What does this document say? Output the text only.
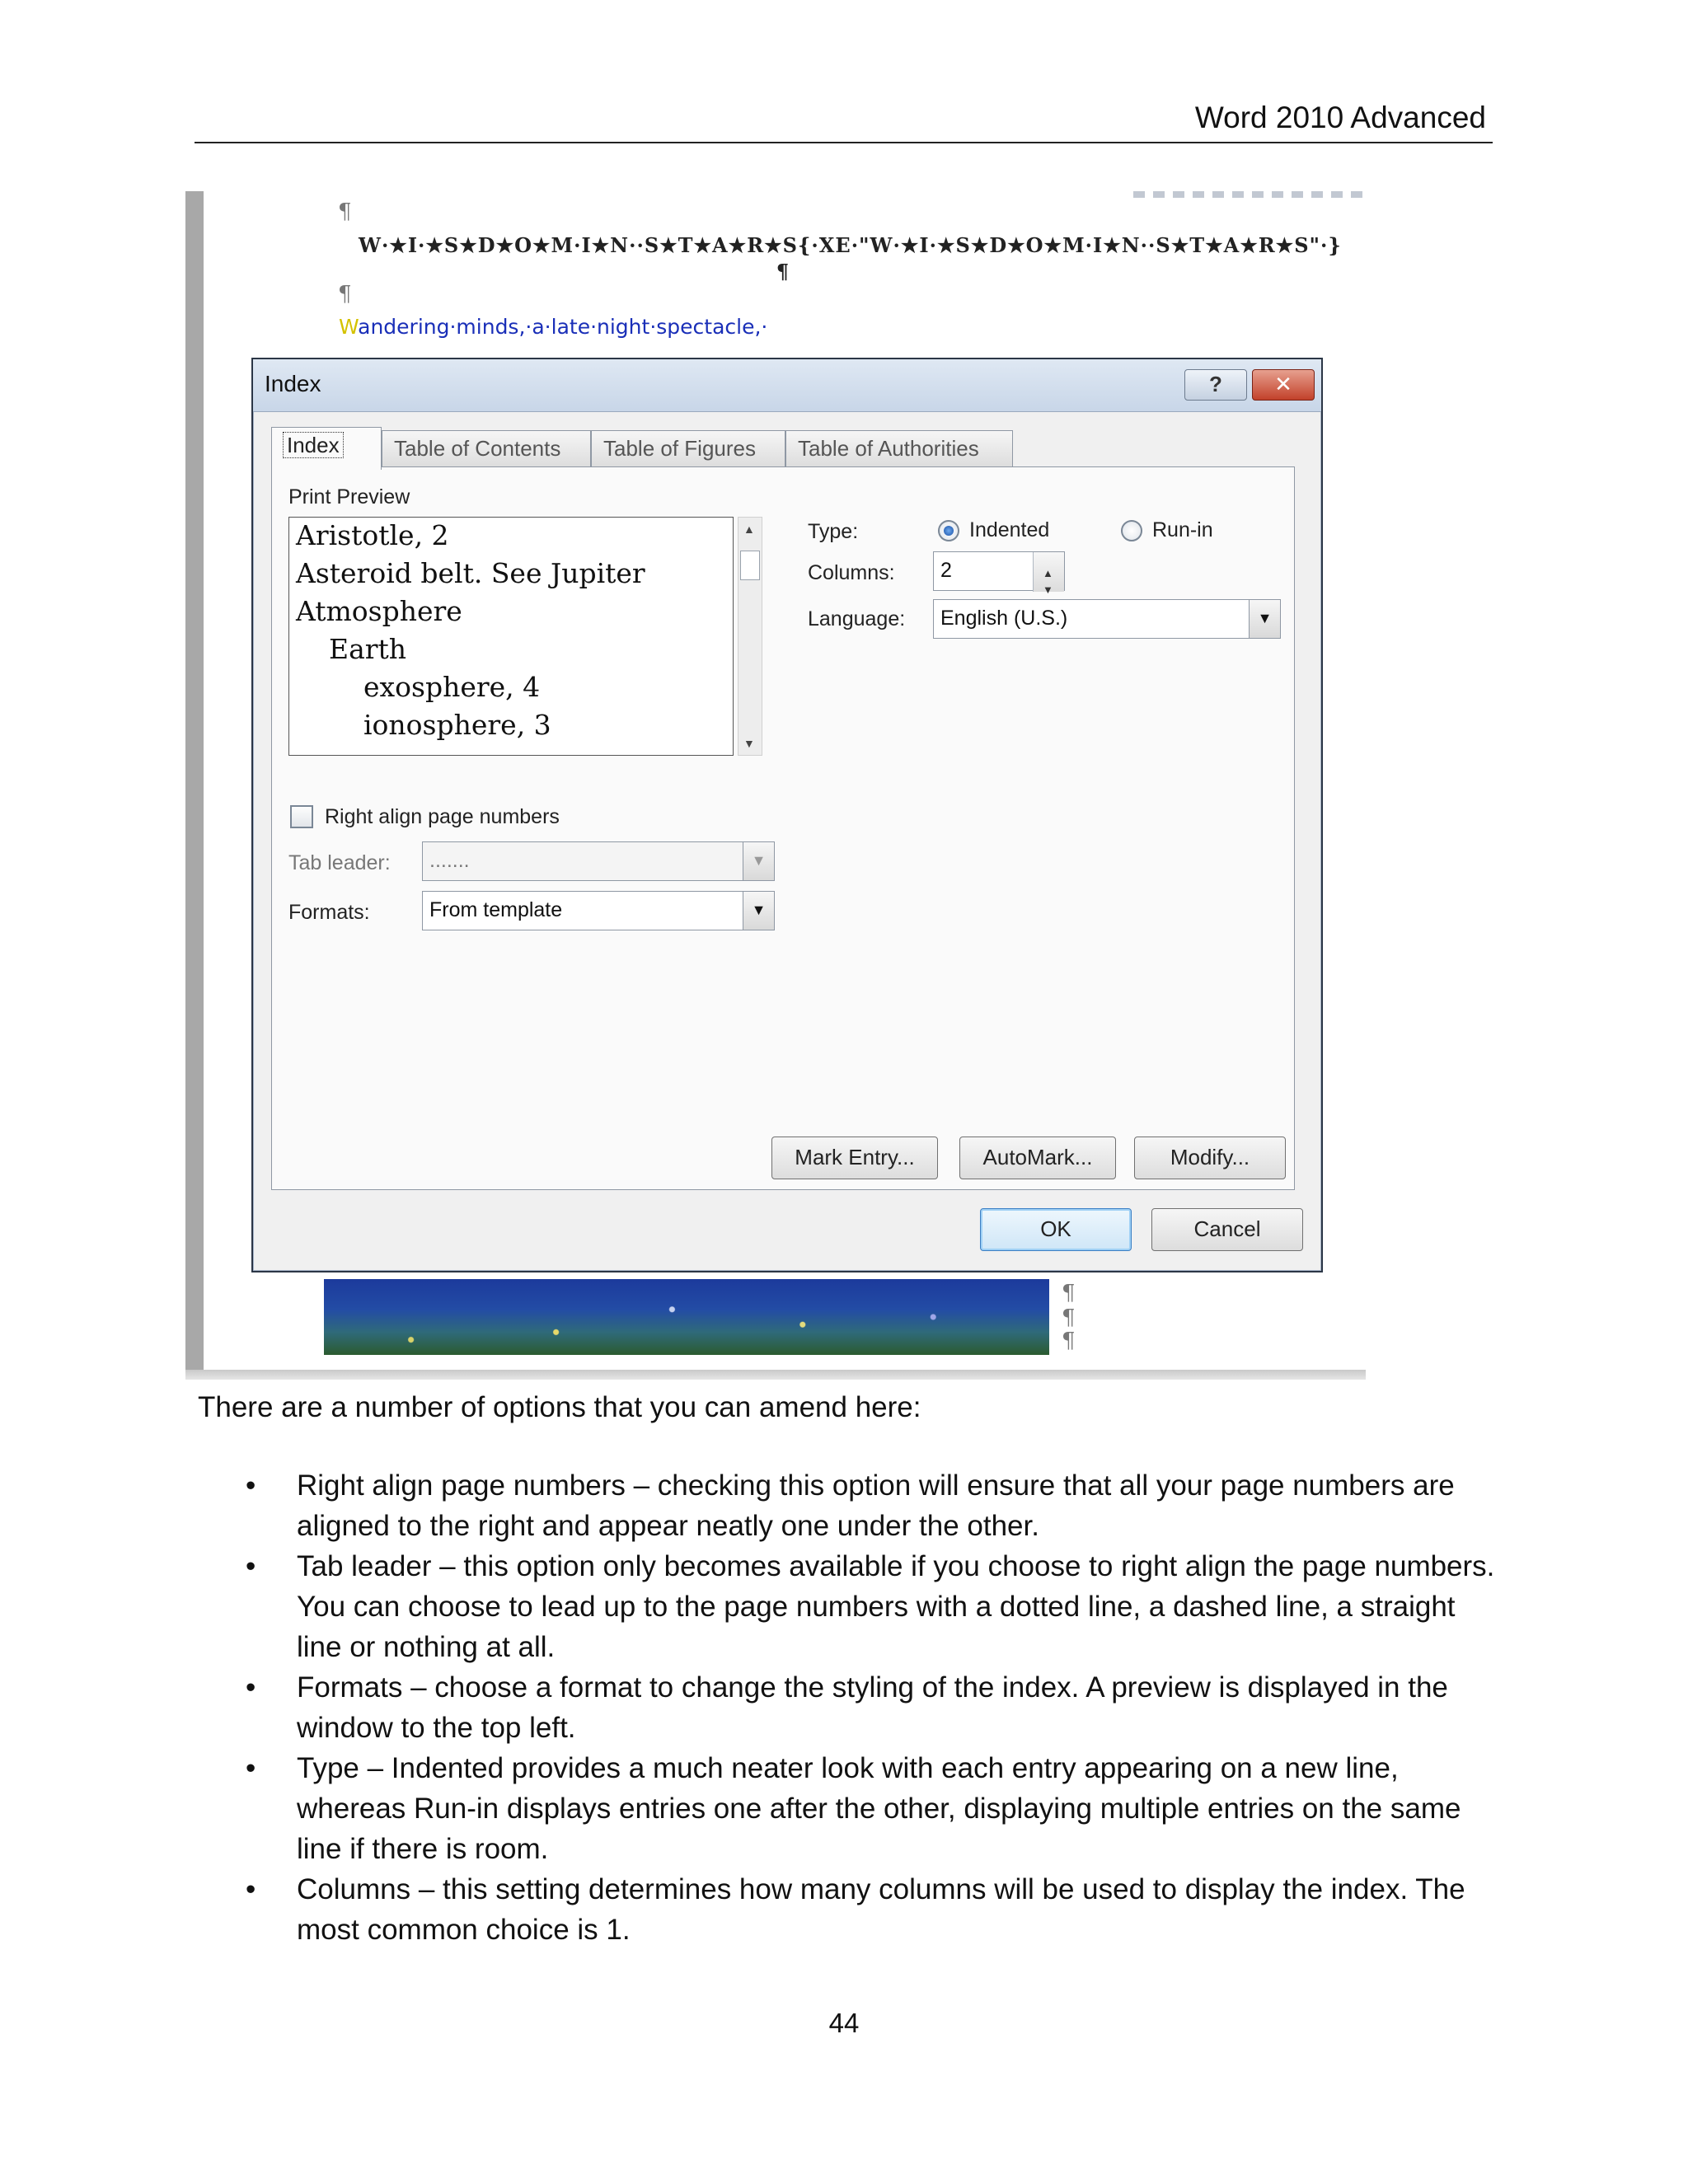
Word 2010 Advanced
¶
W·★I·★S★D★O★M·I★N··S★T★A★R★S{·XE·"W·★I·★S★D★O★M·I★N··S★T★A★R★S"·}¶
¶
Wandering·minds,·a·late·night·spectacle,·
Index	?	✕
Index	Table of Contents	Table of Figures	Table of Authorities
Print Preview
Aristotle, 2
Asteroid belt. See Jupiter
Atmosphere
Earth
exosphere, 4
ionosphere, 3
▲
▼
Type:	Indented	Run-in
Columns:	2	▲
▼
Language:	English (U.S.)	▼
Right align page numbers
Tab leader:	.......	▼
Formats:	From template	▼
Mark Entry...	AutoMark...	Modify...
OK	Cancel
¶
¶
¶
There are a number of options that you can amend here:
• Right align page numbers – checking this option will ensure that all your page numbers are aligned to the right and appear neatly one under the other.
• Tab leader – this option only becomes available if you choose to right align the page numbers. You can choose to lead up to the page numbers with a dotted line, a dashed line, a straight line or nothing at all.
• Formats – choose a format to change the styling of the index. A preview is displayed in the window to the top left.
• Type – Indented provides a much neater look with each entry appearing on a new line, whereas Run-in displays entries one after the other, displaying multiple entries on the same line if there is room.
• Columns – this setting determines how many columns will be used to display the index. The most common choice is 1.
44
